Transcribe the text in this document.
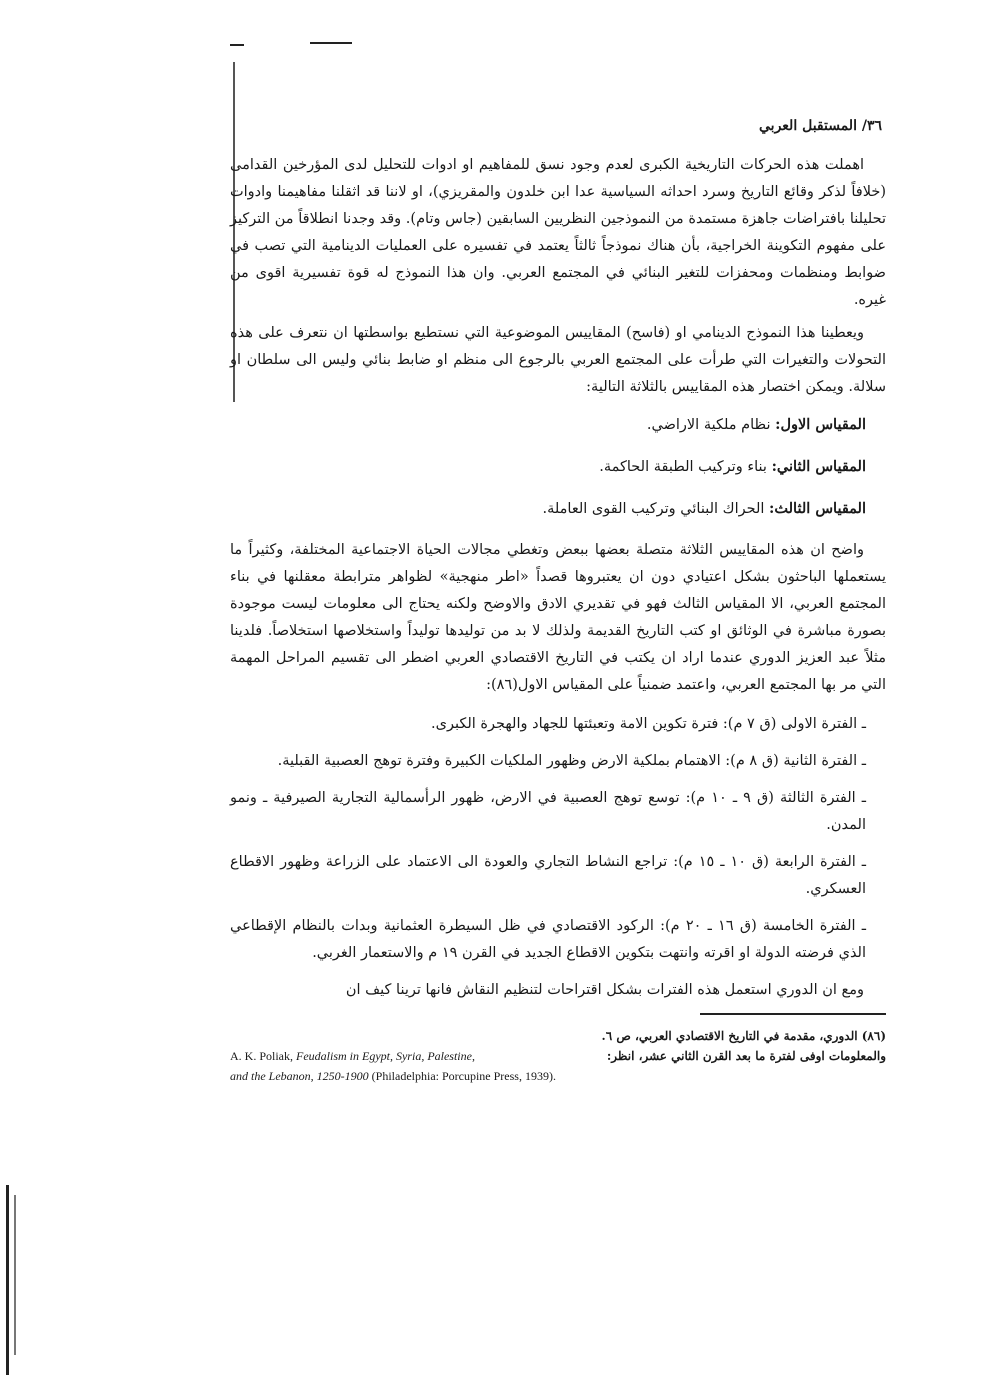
٣٦/ المستقبل العربي

اهملت هذه الحركات التاريخية الكبرى لعدم وجود نسق للمفاهيم او ادوات للتحليل لدى المؤرخين القدامى (خلافاً لذكر وقائع التاريخ وسرد احداثه السياسية عدا ابن خلدون والمقريزي)، او لاننا قد اثقلنا مفاهيمنا وادوات تحليلنا بافتراضات جاهزة مستمدة من النموذجين النظريين السابقين (جاس وتام). وقد وجدنا انطلاقاً من التركيز على مفهوم التكوينة الخراجية، بأن هناك نموذجاً ثالثاً يعتمد في تفسيره على العمليات الدينامية التي تصب في ضوابط ومنظمات ومحفزات للتغير البنائي في المجتمع العربي. وان هذا النموذج له قوة تفسيرية اقوى من غيره.

ويعطينا هذا النموذج الدينامي او (فاسح) المقاييس الموضوعية التي نستطيع بواسطتها ان نتعرف على هذه التحولات والتغيرات التي طرأت على المجتمع العربي بالرجوع الى منظم او ضابط بنائي وليس الى سلطان او سلالة. ويمكن اختصار هذه المقاييس بالثلاثة التالية:

المقياس الاول: نظام ملكية الاراضي.

المقياس الثاني: بناء وتركيب الطبقة الحاكمة.

المقياس الثالث: الحراك البنائي وتركيب القوى العاملة.

واضح ان هذه المقاييس الثلاثة متصلة بعضها ببعض وتغطي مجالات الحياة الاجتماعية المختلفة، وكثيراً ما يستعملها الباحثون بشكل اعتيادي دون ان يعتبروها قصداً «اطر منهجية» لظواهر مترابطة معقلنها في بناء المجتمع العربي، الا المقياس الثالث فهو في تقديري الادق والاوضح ولكنه يحتاج الى معلومات ليست موجودة بصورة مباشرة في الوثائق او كتب التاريخ القديمة ولذلك لا بد من توليدها توليداً واستخلاصها استخلاصاً. فلدينا مثلاً عبد العزيز الدوري عندما اراد ان يكتب في التاريخ الاقتصادي العربي اضطر الى تقسيم المراحل المهمة التي مر بها المجتمع العربي، واعتمد ضمنياً على المقياس الاول(٨٦):

ـ الفترة الاولى (ق ٧ م): فترة تكوين الامة وتعبئتها للجهاد والهجرة الكبرى.

ـ الفترة الثانية (ق ٨ م): الاهتمام بملكية الارض وظهور الملكيات الكبيرة وفترة توهج العصبية القبلية.

ـ الفترة الثالثة (ق ٩ ـ ١٠ م): توسع توهج العصبية في الارض، ظهور الرأسمالية التجارية الصيرفية ـ ونمو المدن.

ـ الفترة الرابعة (ق ١٠ ـ ١٥ م): تراجع النشاط التجاري والعودة الى الاعتماد على الزراعة وظهور الاقطاع العسكري.

ـ الفترة الخامسة (ق ١٦ ـ ٢٠ م): الركود الاقتصادي في ظل السيطرة العثمانية وبدات بالنظام الإقطاعي الذي فرضته الدولة او اقرته وانتهت بتكوين الاقطاع الجديد في القرن ١٩ م والاستعمار الغربي.

ومع ان الدوري استعمل هذه الفترات بشكل اقتراحات لتنظيم النقاش فانها ترينا كيف ان

(٨٦) الدوري، مقدمة في التاريخ الاقتصادي العربي، ص ٦.
A. K. Poliak, Feudalism in Egypt, Syria, Palestine,
and the Lebanon, 1250-1900 (Philadelphia: Porcupine Press, 1939).
والمعلومات اوفى لفترة ما بعد القرن الثاني عشر، انظر:
